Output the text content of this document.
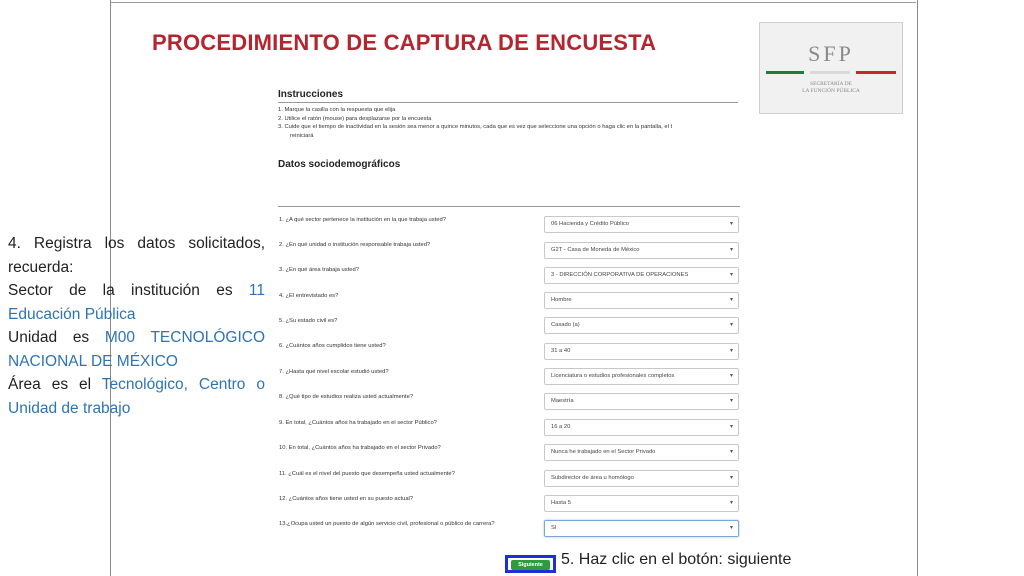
PROCEDIMIENTO DE CAPTURA DE ENCUESTA	SFP
SECRETARÍA DE
LA FUNCIÓN PÚBLICA
Instrucciones
1. Marque la casilla con la respuesta que elija
2. Utilice el ratón (mouse) para desplazarse por la encuesta
3. Cuide que el tiempo de inactividad en la sesión sea menor a quince minutos, cada que es vez que seleccione una opción o haga clic en la pantalla, el t
reiniciará
Datos sociodemográficos
1. ¿A qué sector pertenece la institución en la que trabaja usted?
06 Hacienda y Crédito Público	▾
2. ¿En qué unidad o institución responsable trabaja usted?
G2T - Casa de Moneda de México	▾
3. ¿En qué área trabaja usted?
3 - DIRECCIÓN CORPORATIVA DE OPERACIONES	▾
4. ¿El entrevistado es?
Hombre	▾
5. ¿Su estado civil es?
Casado (a)	▾
6. ¿Cuántos años cumplidos tiene usted?
31 a 40	▾
7. ¿Hasta qué nivel escolar estudió usted?
Licenciatura o estudios profesionales completos	▾
8. ¿Qué tipo de estudios realiza usted actualmente?
Maestría	▾
9. En total, ¿Cuántos años ha trabajado en el sector Público?
16 a 20	▾
10. En total, ¿Cuántos años ha trabajado en el sector Privado?
Nunca he trabajado en el Sector Privado	▾
11. ¿Cuál es el nivel del puesto que desempeña usted actualmente?
Subdirector de área u homólogo	▾
12. ¿Cuántos años tiene usted en su puesto actual?
Hasta 5	▾
13.¿Ocupa usted un puesto de algún servicio civil, profesional o público de carrera?
SI	▾
4. Registra los datos solicitados, recuerda:
Sector de la institución es 11 Educación Pública
Unidad es M00 TECNOLÓGICO NACIONAL DE MÉXICO
Área es el Tecnológico, Centro o Unidad de trabajo
Siguiente	5. Haz clic en el botón: siguiente
